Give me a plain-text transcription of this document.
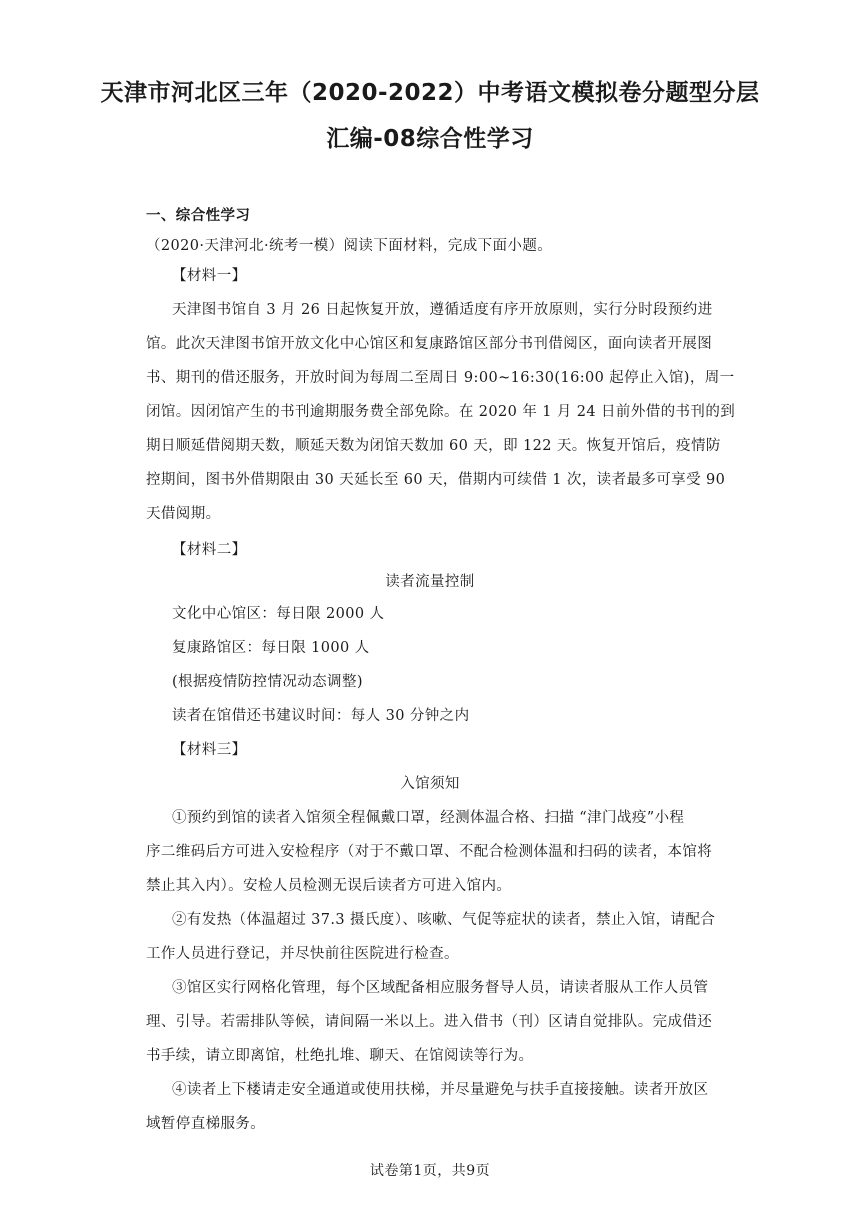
天津市河北区三年（2020-2022）中考语文模拟卷分题型分层
汇编-08综合性学习
一、综合性学习
（2020·天津河北·统考一模）阅读下面材料，完成下面小题。
【材料一】
天津图书馆自 3 月 26 日起恢复开放，遵循适度有序开放原则，实行分时段预约进
馆。此次天津图书馆开放文化中心馆区和复康路馆区部分书刊借阅区，面向读者开展图
书、期刊的借还服务，开放时间为每周二至周日 9:00~16:30(16:00 起停止入馆)，周一
闭馆。因闭馆产生的书刊逾期服务费全部免除。在 2020 年 1 月 24 日前外借的书刊的到
期日顺延借阅期天数，顺延天数为闭馆天数加 60 天，即 122 天。恢复开馆后，疫情防
控期间，图书外借期限由 30 天延长至 60 天，借期内可续借 1 次，读者最多可享受 90
天借阅期。
【材料二】
读者流量控制
文化中心馆区：每日限 2000 人
复康路馆区：每日限 1000 人
(根据疫情防控情况动态调整)
读者在馆借还书建议时间：每人 30 分钟之内
【材料三】
入馆须知
①预约到馆的读者入馆须全程佩戴口罩，经测体温合格、扫描 “津门战疫”小程
序二维码后方可进入安检程序（对于不戴口罩、不配合检测体温和扫码的读者，本馆将
禁止其入内）。安检人员检测无误后读者方可进入馆内。
②有发热（体温超过 37.3 摄氏度）、咳嗽、气促等症状的读者，禁止入馆，请配合
工作人员进行登记，并尽快前往医院进行检查。
③馆区实行网格化管理，每个区域配备相应服务督导人员，请读者服从工作人员管
理、引导。若需排队等候，请间隔一米以上。进入借书（刊）区请自觉排队。完成借还
书手续，请立即离馆，杜绝扎堆、聊天、在馆阅读等行为。
④读者上下楼请走安全通道或使用扶梯，并尽量避免与扶手直接接触。读者开放区
域暂停直梯服务。
试卷第1页，共9页
